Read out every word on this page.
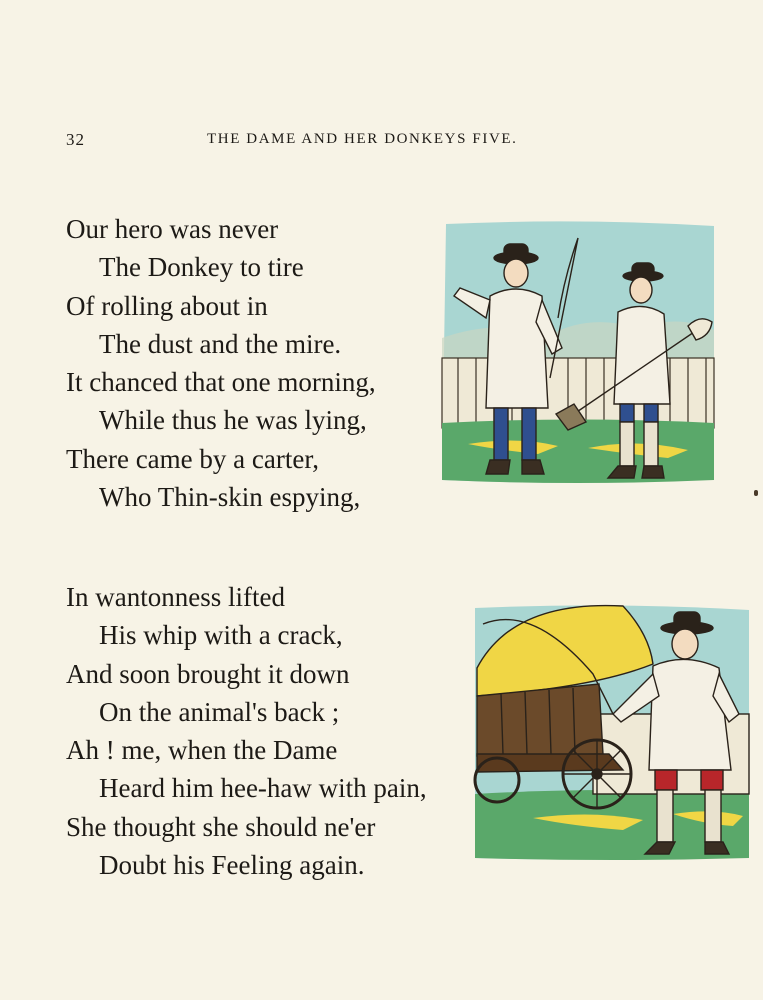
32	THE DAME AND HER DONKEYS FIVE.
Our hero was never
The Donkey to tire
Of rolling about in
The dust and the mire.
It chanced that one morning,
While thus he was lying,
There came by a carter,
Who Thin-skin espying,
In wantonness lifted
His whip with a crack,
And soon brought it down
On the animal's back ;
Ah ! me, when the Dame
Heard him hee-haw with pain,
She thought she should ne'er
Doubt his Feeling again.
